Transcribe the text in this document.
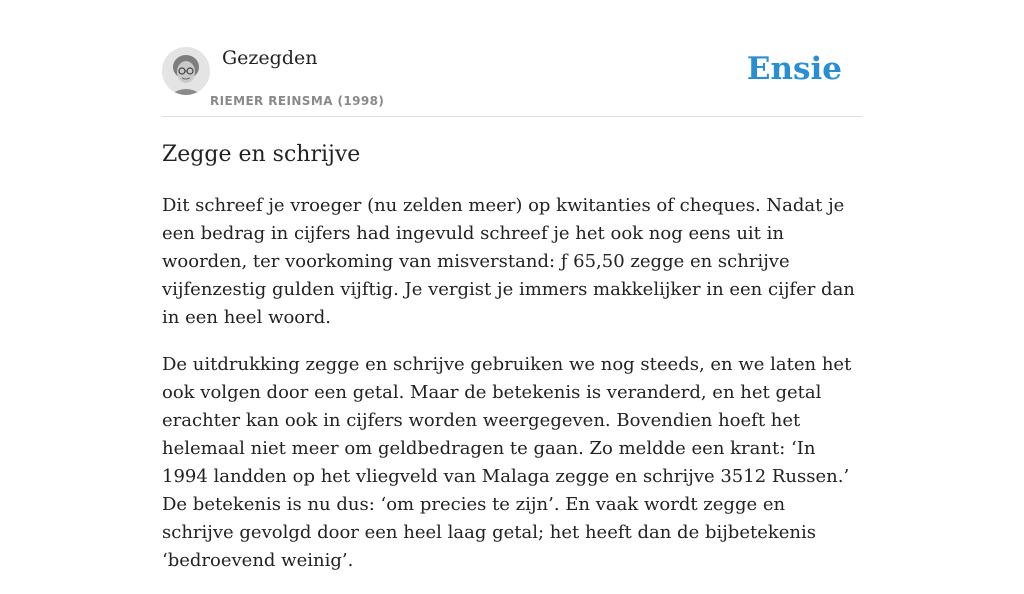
Gezegden
RIEMER REINSMA (1998)
Ensie
Zegge en schrijve

Dit schreef je vroeger (nu zelden meer) op kwitanties of cheques. Nadat je een bedrag in cijfers had ingevuld schreef je het ook nog eens uit in woorden, ter voorkoming van misverstand: ƒ 65,50 zegge en schrijve vijfenzestig gulden vijftig. Je vergist je immers makkelijker in een cijfer dan in een heel woord.

De uitdrukking zegge en schrijve gebruiken we nog steeds, en we laten het ook volgen door een getal. Maar de betekenis is veranderd, en het getal erachter kan ook in cijfers worden weergegeven. Bovendien hoeft het helemaal niet meer om geldbedragen te gaan. Zo meldde een krant: ‘In 1994 landden op het vliegveld van Malaga zegge en schrijve 3512 Russen.’ De betekenis is nu dus: ‘om precies te zijn’. En vaak wordt zegge en schrijve gevolgd door een heel laag getal; het heeft dan de bijbetekenis ‘bedroevend weinig’.
